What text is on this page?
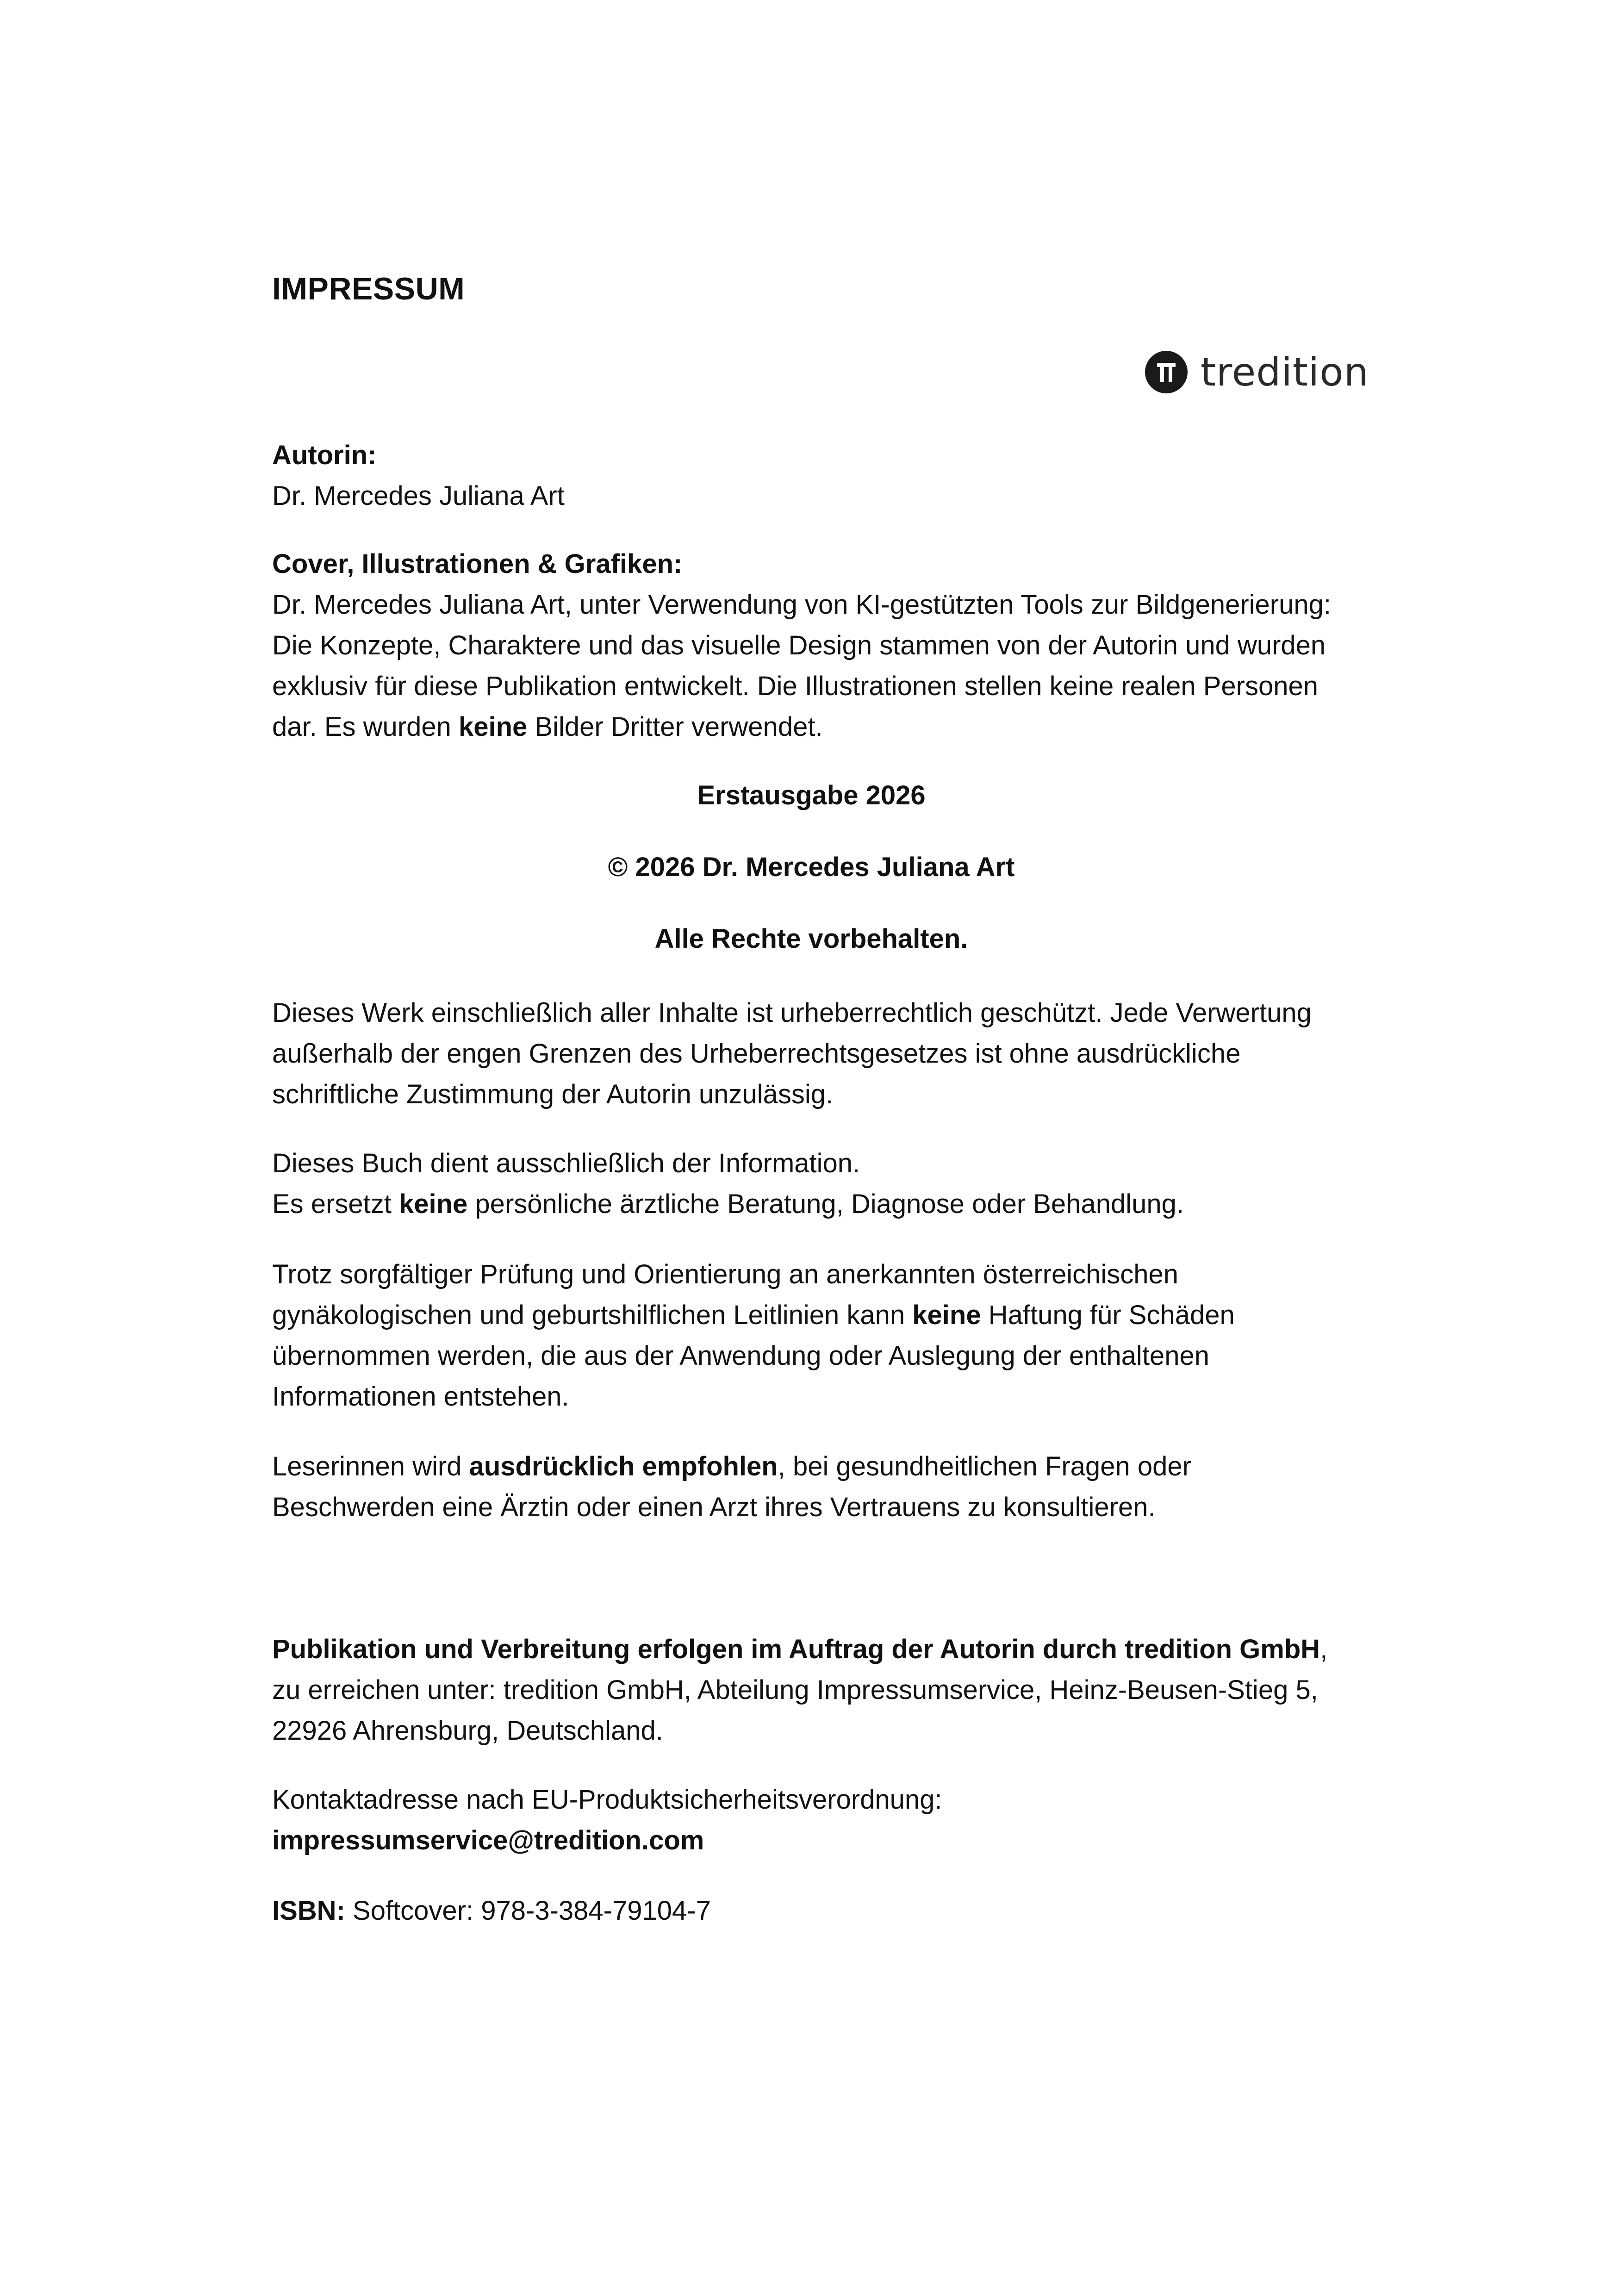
IMPRESSUM
tredition

Autorin:

Dr. Mercedes Juliana Art

Cover, Illustrationen & Grafiken:

Dr. Mercedes Juliana Art, unter Verwendung von KI-gestützten Tools zur Bildgenerierung: Die Konzepte, Charaktere und das visuelle Design stammen von der Autorin und wurden exklusiv für diese Publikation entwickelt. Die Illustrationen stellen keine realen Personen dar. Es wurden keine Bilder Dritter verwendet.

Erstausgabe 2026
© 2026 Dr. Mercedes Juliana Art
Alle Rechte vorbehalten.
Dieses Werk einschließlich aller Inhalte ist urheberrechtlich geschützt. Jede Verwertung außerhalb der engen Grenzen des Urheberrechtsgesetzes ist ohne ausdrückliche schriftliche Zustimmung der Autorin unzulässig.

Dieses Buch dient ausschließlich der Information.

Es ersetzt keine persönliche ärztliche Beratung, Diagnose oder Behandlung.

Trotz sorgfältiger Prüfung und Orientierung an anerkannten österreichischen gynäkologischen und geburtshilflichen Leitlinien kann keine Haftung für Schäden übernommen werden, die aus der Anwendung oder Auslegung der enthaltenen Informationen entstehen.
Leserinnen wird ausdrücklich empfohlen, bei gesundheitlichen Fragen oder Beschwerden eine Ärztin oder einen Arzt ihres Vertrauens zu konsultieren.
Publikation und Verbreitung erfolgen im Auftrag der Autorin durch tredition GmbH, zu erreichen unter: tredition GmbH, Abteilung Impressumservice, Heinz-Beusen-Stieg 5, 22926 Ahrensburg, Deutschland.

Kontaktadresse nach EU-Produktsicherheitsverordnung:

impressumservice@tredition.com

ISBN: Softcover: 978-3-384-79104-7
